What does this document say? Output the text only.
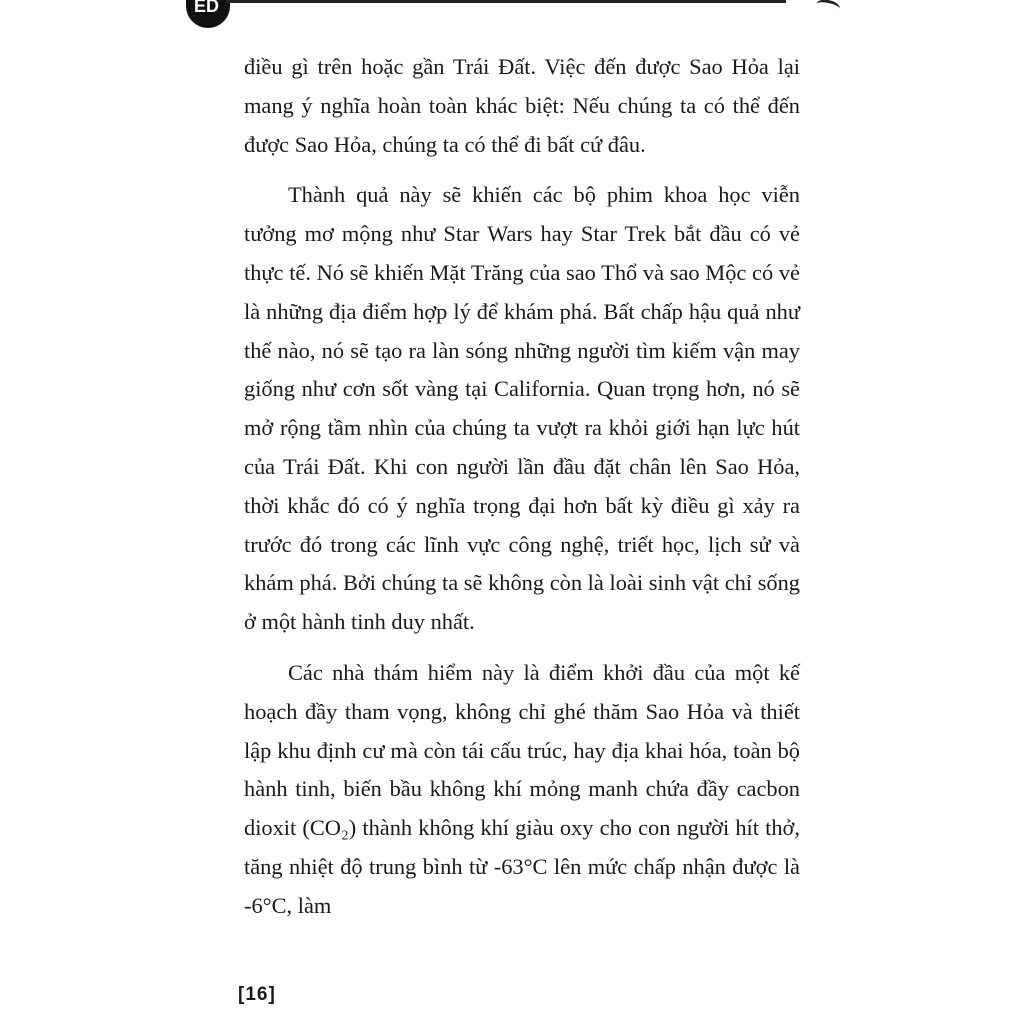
ED

điều gì trên hoặc gần Trái Đất. Việc đến được Sao Hỏa lại mang ý nghĩa hoàn toàn khác biệt: Nếu chúng ta có thể đến được Sao Hỏa, chúng ta có thể đi bất cứ đâu.

Thành quả này sẽ khiến các bộ phim khoa học viễn tưởng mơ mộng như Star Wars hay Star Trek bắt đầu có vẻ thực tế. Nó sẽ khiến Mặt Trăng của sao Thổ và sao Mộc có vẻ là những địa điểm hợp lý để khám phá. Bất chấp hậu quả như thế nào, nó sẽ tạo ra làn sóng những người tìm kiếm vận may giống như cơn sốt vàng tại California. Quan trọng hơn, nó sẽ mở rộng tầm nhìn của chúng ta vượt ra khỏi giới hạn lực hút của Trái Đất. Khi con người lần đầu đặt chân lên Sao Hỏa, thời khắc đó có ý nghĩa trọng đại hơn bất kỳ điều gì xảy ra trước đó trong các lĩnh vực công nghệ, triết học, lịch sử và khám phá. Bởi chúng ta sẽ không còn là loài sinh vật chỉ sống ở một hành tinh duy nhất.

Các nhà thám hiểm này là điểm khởi đầu của một kế hoạch đầy tham vọng, không chỉ ghé thăm Sao Hỏa và thiết lập khu định cư mà còn tái cấu trúc, hay địa khai hóa, toàn bộ hành tinh, biến bầu không khí mỏng manh chứa đầy cacbon dioxit (CO₂) thành không khí giàu oxy cho con người hít thở, tăng nhiệt độ trung bình từ -63°C lên mức chấp nhận được là -6°C, làm

[16]
